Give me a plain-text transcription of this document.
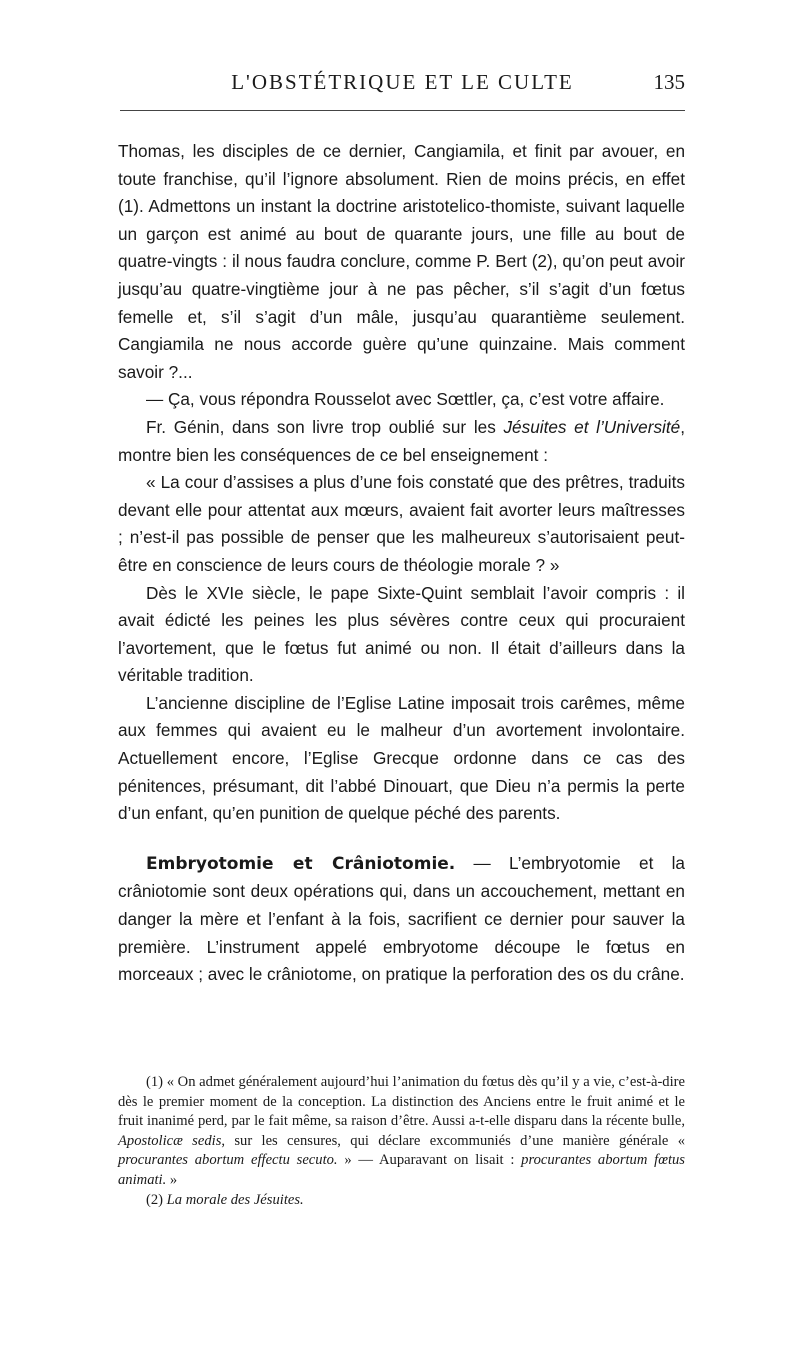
L'OBSTÉTRIQUE ET LE CULTE	135

Thomas, les disciples de ce dernier, Cangiamila, et finit par avouer, en toute franchise, qu’il l’ignore absolument. Rien de moins précis, en effet (1). Admettons un instant la doctrine aristotelico-thomiste, suivant laquelle un garçon est animé au bout de quarante jours, une fille au bout de quatre-vingts : il nous faudra conclure, comme P. Bert (2), qu’on peut avoir jusqu’au quatre-vingtième jour à ne pas pêcher, s’il s’agit d’un fœtus femelle et, s’il s’agit d’un mâle, jusqu’au quarantième seulement. Cangiamila ne nous accorde guère qu’une quinzaine. Mais comment savoir ?...

— Ça, vous répondra Rousselot avec Sœttler, ça, c’est votre affaire.

Fr. Génin, dans son livre trop oublié sur les Jésuites et l’Université, montre bien les conséquences de ce bel enseignement :

« La cour d’assises a plus d’une fois constaté que des prêtres, traduits devant elle pour attentat aux mœurs, avaient fait avorter leurs maîtresses ; n’est-il pas possible de penser que les malheureux s’autorisaient peut-être en conscience de leurs cours de théologie morale ? »

Dès le XVIe siècle, le pape Sixte-Quint semblait l’avoir compris : il avait édicté les peines les plus sévères contre ceux qui procuraient l’avortement, que le fœtus fut animé ou non. Il était d’ailleurs dans la véritable tradition.

L’ancienne discipline de l’Eglise Latine imposait trois carêmes, même aux femmes qui avaient eu le malheur d’un avortement involontaire. Actuellement encore, l’Eglise Grecque ordonne dans ce cas des pénitences, présumant, dit l’abbé Dinouart, que Dieu n’a permis la perte d’un enfant, qu’en punition de quelque péché des parents.

Embryotomie et Crâniotomie. — L’embryotomie et la crâniotomie sont deux opérations qui, dans un accouchement, mettant en danger la mère et l’enfant à la fois, sacrifient ce dernier pour sauver la première. L’instrument appelé embryotome découpe le fœtus en morceaux ; avec le crâniotome, on pratique la perforation des os du crâne.

(1) « On admet généralement aujourd’hui l’animation du fœtus dès qu’il y a vie, c’est-à-dire dès le premier moment de la conception. La distinction des Anciens entre le fruit animé et le fruit inanimé perd, par le fait même, sa raison d’être. Aussi a-t-elle disparu dans la récente bulle, Apostolicæ sedis, sur les censures, qui déclare excommuniés d’une manière générale « procurantes abortum effectu secuto. » — Auparavant on lisait : procurantes abortum fœtus animati. »

(2) La morale des Jésuites.
